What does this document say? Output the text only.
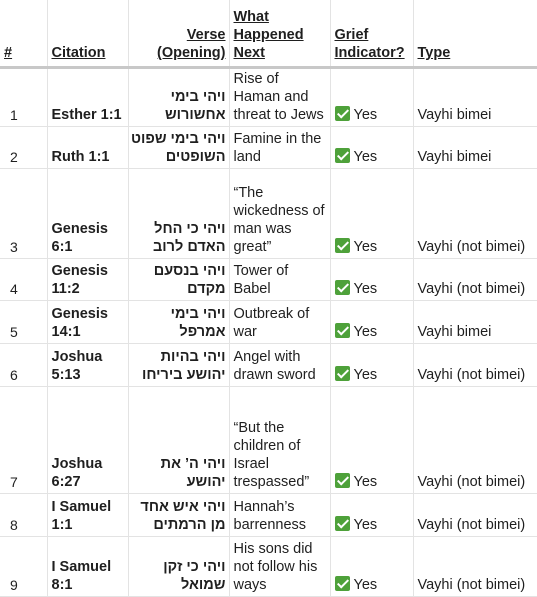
#	Citation	Verse (Opening)	What Happened Next	Grief Indicator?	Type

1	Esther 1:1	ויהי בימי אחשורוש	Rise of Haman and threat to Jews	Yes	Vayhi bimei
2	Ruth 1:1	ויהי בימי שפוט השופטים	Famine in the land	Yes	Vayhi bimei
3	Genesis 6:1	ויהי כי החל האדם לרוב	“The wickedness of man was great”	Yes	Vayhi (not bimei)
4	Genesis 11:2	ויהי בנסעם מקדם	Tower of Babel	Yes	Vayhi (not bimei)
5	Genesis 14:1	ויהי בימי אמרפל	Outbreak of war	Yes	Vayhi bimei
6	Joshua 5:13	ויהי בהיות יהושע ביריחו	Angel with drawn sword	Yes	Vayhi (not bimei)
7	Joshua 6:27	ויהי ה’ את יהושע	“But the children of Israel trespassed”	Yes	Vayhi (not bimei)
8	I Samuel 1:1	ויהי איש אחד מן הרמתים	Hannah’s barrenness	Yes	Vayhi (not bimei)
9	I Samuel 8:1	ויהי כי זקן שמואל	His sons did not follow his ways	Yes	Vayhi (not bimei)
